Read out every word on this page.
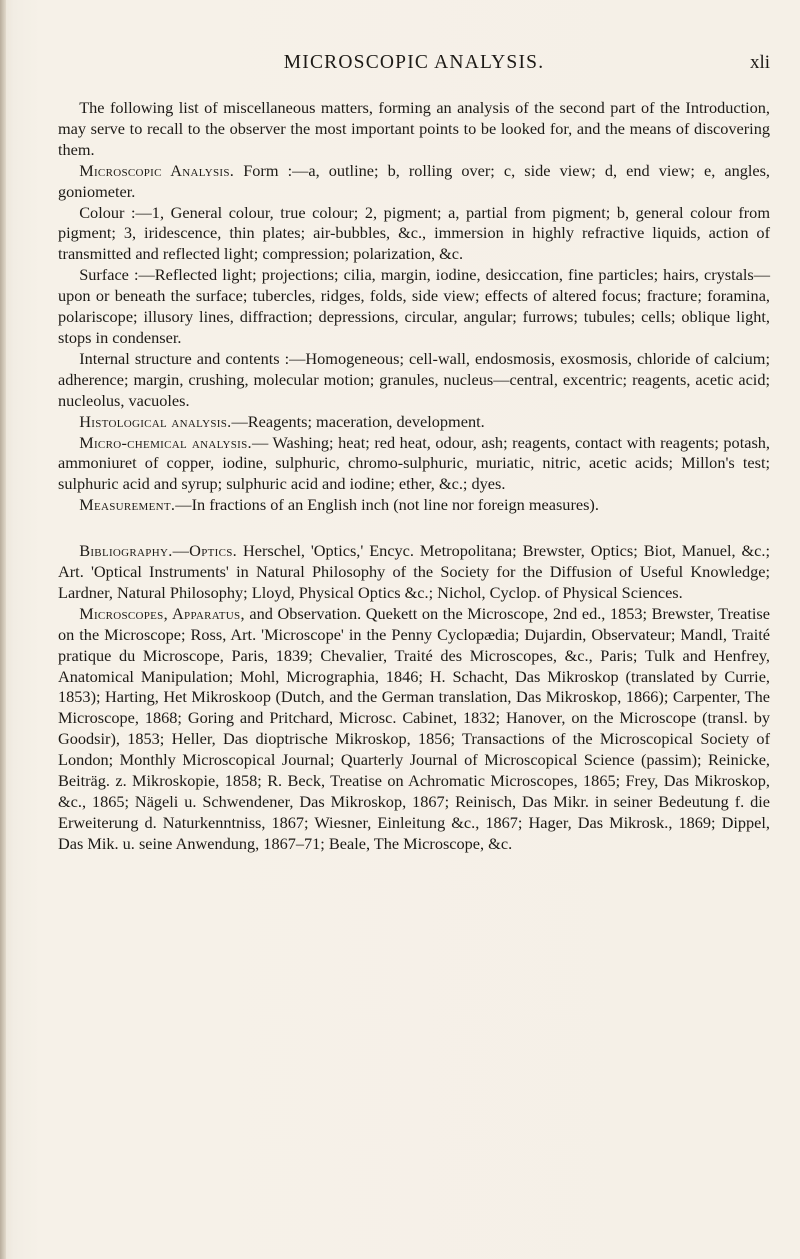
MICROSCOPIC ANALYSIS.	xli

The following list of miscellaneous matters, forming an analysis of the second part of the Introduction, may serve to recall to the observer the most important points to be looked for, and the means of discovering them.

Microscopic Analysis. Form :—a, outline; b, rolling over; c, side view; d, end view; e, angles, goniometer.

Colour :—1, General colour, true colour; 2, pigment; a, partial from pigment; b, general colour from pigment; 3, iridescence, thin plates; air-bubbles, &c., immersion in highly refractive liquids, action of transmitted and reflected light; compression; polarization, &c.

Surface :—Reflected light; projections; cilia, margin, iodine, desiccation, fine particles; hairs, crystals—upon or beneath the surface; tubercles, ridges, folds, side view; effects of altered focus; fracture; foramina, polariscope; illusory lines, diffraction; depressions, circular, angular; furrows; tubules; cells; oblique light, stops in condenser.

Internal structure and contents :—Homogeneous; cell-wall, endosmosis, exosmosis, chloride of calcium; adherence; margin, crushing, molecular motion; granules, nucleus—central, excentric; reagents, acetic acid; nucleolus, vacuoles.

Histological analysis.—Reagents; maceration, development.

Micro-chemical analysis.— Washing; heat; red heat, odour, ash; reagents, contact with reagents; potash, ammoniuret of copper, iodine, sulphuric, chromo-sulphuric, muriatic, nitric, acetic acids; Millon's test; sulphuric acid and syrup; sulphuric acid and iodine; ether, &c.; dyes.

Measurement.—In fractions of an English inch (not line nor foreign measures).

Bibliography.—Optics. Herschel, 'Optics,' Encyc. Metropolitana; Brewster, Optics; Biot, Manuel, &c.; Art. 'Optical Instruments' in Natural Philosophy of the Society for the Diffusion of Useful Knowledge; Lardner, Natural Philosophy; Lloyd, Physical Optics &c.; Nichol, Cyclop. of Physical Sciences.

Microscopes, Apparatus, and Observation. Quekett on the Microscope, 2nd ed., 1853; Brewster, Treatise on the Microscope; Ross, Art. 'Microscope' in the Penny Cyclopædia; Dujardin, Observateur; Mandl, Traité pratique du Microscope, Paris, 1839; Chevalier, Traité des Microscopes, &c., Paris; Tulk and Henfrey, Anatomical Manipulation; Mohl, Micrographia, 1846; H. Schacht, Das Mikroskop (translated by Currie, 1853); Harting, Het Mikroskoop (Dutch, and the German translation, Das Mikroskop, 1866); Carpenter, The Microscope, 1868; Goring and Pritchard, Microsc. Cabinet, 1832; Hanover, on the Microscope (transl. by Goodsir), 1853; Heller, Das dioptrische Mikroskop, 1856; Transactions of the Microscopical Society of London; Monthly Microscopical Journal; Quarterly Journal of Microscopical Science (passim); Reinicke, Beiträg. z. Mikroskopie, 1858; R. Beck, Treatise on Achromatic Microscopes, 1865; Frey, Das Mikroskop, &c., 1865; Nägeli u. Schwendener, Das Mikroskop, 1867; Reinisch, Das Mikr. in seiner Bedeutung f. die Erweiterung d. Naturkenntniss, 1867; Wiesner, Einleitung &c., 1867; Hager, Das Mikrosk., 1869; Dippel, Das Mik. u. seine Anwendung, 1867–71; Beale, The Microscope, &c.
